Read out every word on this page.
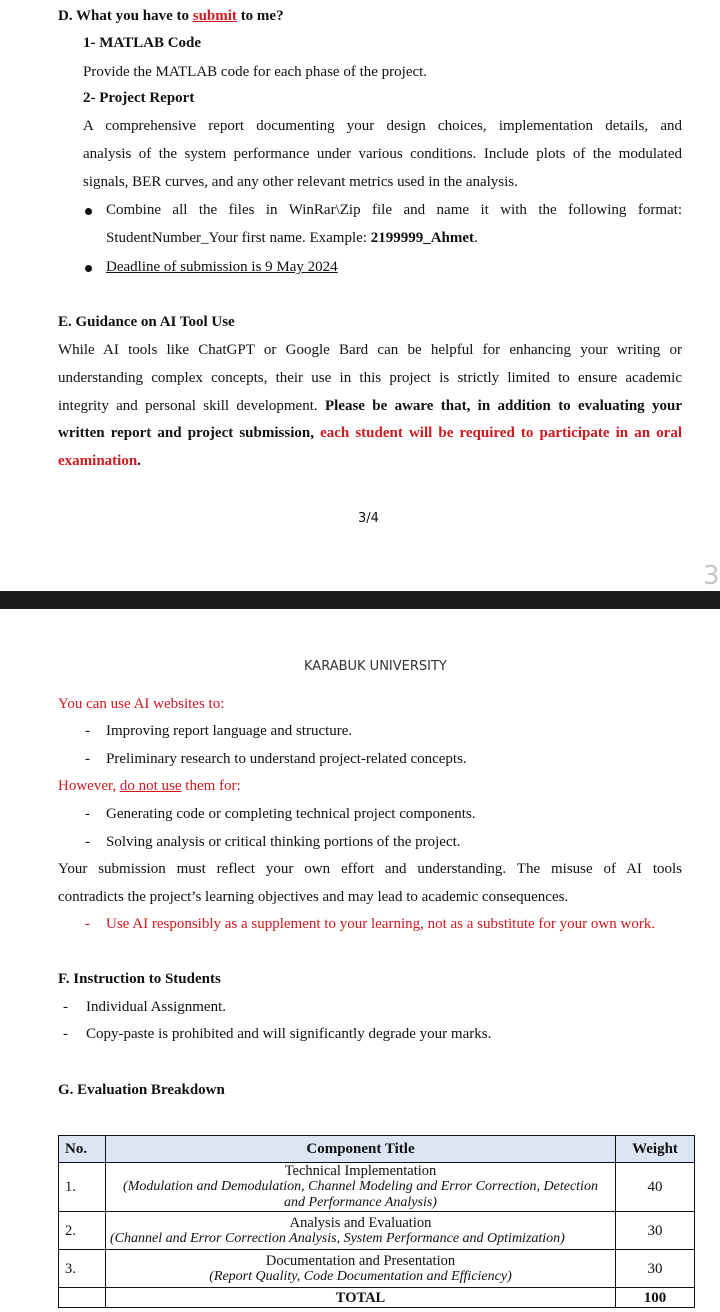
D. What you have to submit to me?
1- MATLAB Code
Provide the MATLAB code for each phase of the project.
2- Project Report
A comprehensive report documenting your design choices, implementation details, and
analysis of the system performance under various conditions. Include plots of the modulated
signals, BER curves, and any other relevant metrics used in the analysis.
Combine all the files in WinRar\Zip file and name it with the following format:
StudentNumber_Your first name. Example: 2199999_Ahmet.
Deadline of submission is 9 May 2024
E. Guidance on AI Tool Use
While AI tools like ChatGPT or Google Bard can be helpful for enhancing your writing or
understanding complex concepts, their use in this project is strictly limited to ensure academic
integrity and personal skill development. Please be aware that, in addition to evaluating your
written report and project submission, each student will be required to participate in an oral
examination.
3/4
3
KARABUK UNIVERSITY
You can use AI websites to:
- Improving report language and structure.
- Preliminary research to understand project-related concepts.
However, do not use them for:
- Generating code or completing technical project components.
- Solving analysis or critical thinking portions of the project.
Your submission must reflect your own effort and understanding. The misuse of AI tools
contradicts the project’s learning objectives and may lead to academic consequences.
- Use AI responsibly as a supplement to your learning, not as a substitute for your own work.
F. Instruction to Students
- Individual Assignment.
- Copy-paste is prohibited and will significantly degrade your marks.
G. Evaluation Breakdown
No.	Component Title	Weight
1.	Technical Implementation
(Modulation and Demodulation, Channel Modeling and Error Correction, Detection
and Performance Analysis)	40
2.	Analysis and Evaluation
(Channel and Error Correction Analysis, System Performance and Optimization)	30
3.	Documentation and Presentation
(Report Quality, Code Documentation and Efficiency)	30
	TOTAL	100
